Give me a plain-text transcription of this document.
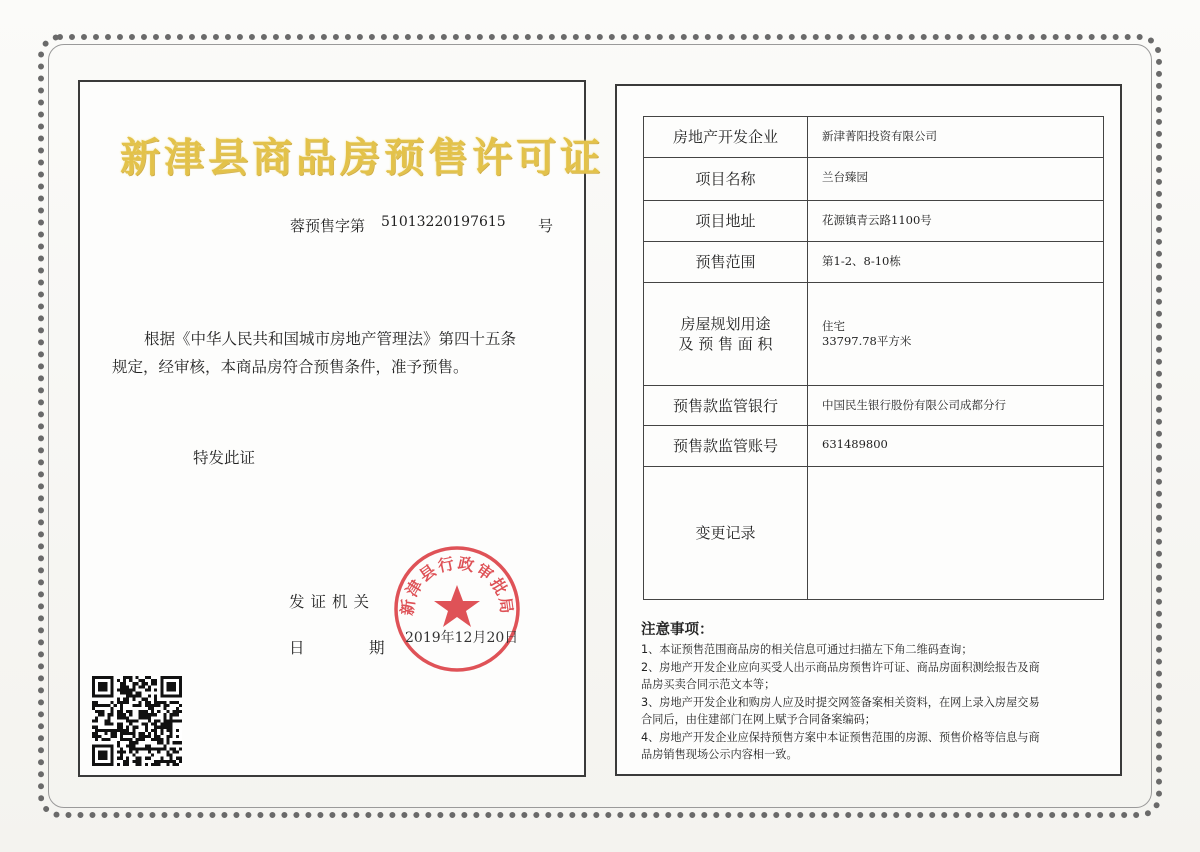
新津县商品房预售许可证
蓉预售字第 51013220197615 号
根据《中华人民共和国城市房地产管理法》第四十五条
规定，经审核，本商品房符合预售条件，准予预售。
特发此证
发证机关
日	期
新津县行政审批局
2019年12月20日
房地产开发企业	新津菁阳投资有限公司
项目名称	兰台臻园
项目地址	花源镇青云路1100号
预售范围	第1-2、8-10栋

房屋规划用途
及 预 售 面 积	住宅
33797.78平方米

预售款监管银行	中国民生银行股份有限公司成都分行
预售款监管账号	631489800
变更记录	
注意事项：
1、本证预售范围商品房的相关信息可通过扫描左下角二维码查询；
2、房地产开发企业应向买受人出示商品房预售许可证、商品房面积测绘报告及商
品房买卖合同示范文本等；
3、房地产开发企业和购房人应及时提交网签备案相关资料，在网上录入房屋交易
合同后，由住建部门在网上赋予合同备案编码；
4、房地产开发企业应保持预售方案中本证预售范围的房源、预售价格等信息与商
品房销售现场公示内容相一致。
